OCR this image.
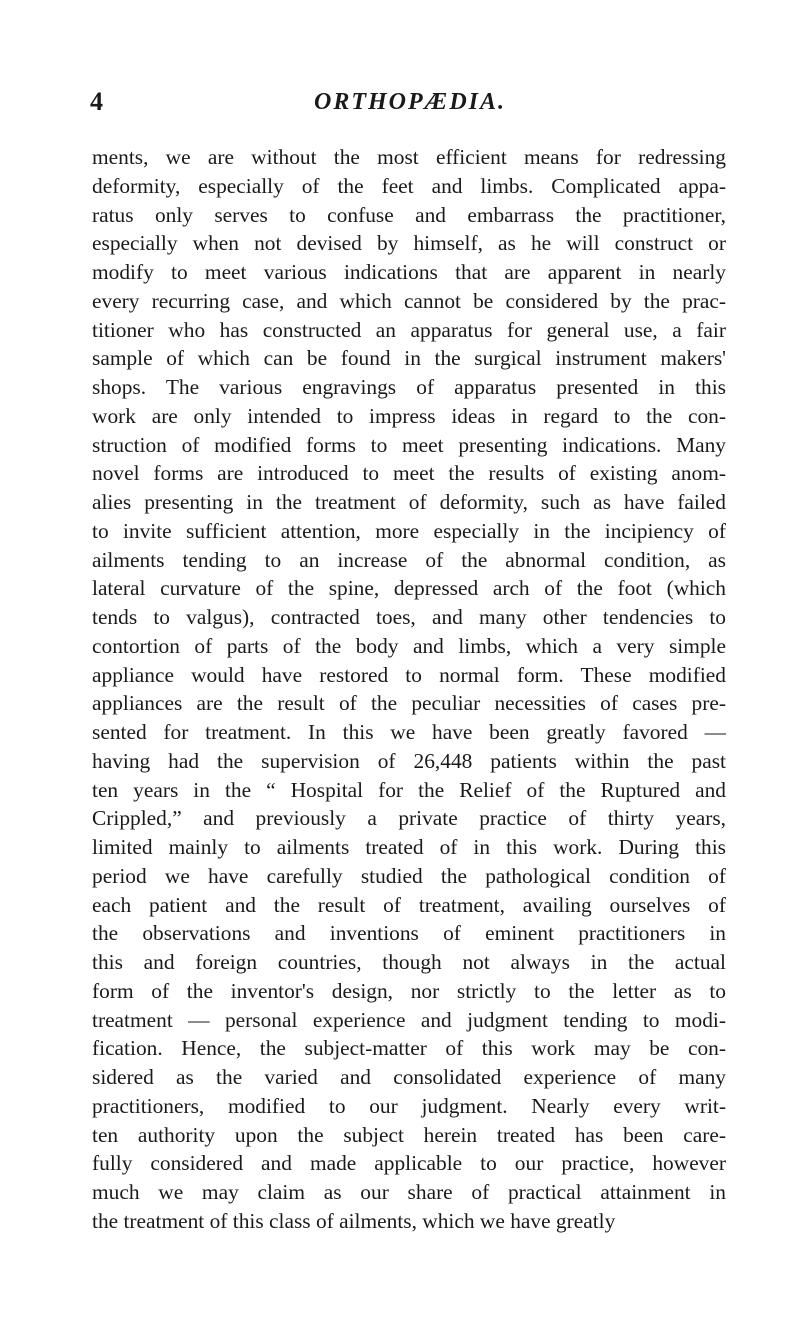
4	ORTHOPÆDIA.

ments, we are without the most efficient means for redressing
deformity, especially of the feet and limbs. Complicated appa-
ratus only serves to confuse and embarrass the practitioner,
especially when not devised by himself, as he will construct or
modify to meet various indications that are apparent in nearly
every recurring case, and which cannot be considered by the prac-
titioner who has constructed an apparatus for general use, a fair
sample of which can be found in the surgical instrument makers'
shops. The various engravings of apparatus presented in this
work are only intended to impress ideas in regard to the con-
struction of modified forms to meet presenting indications. Many
novel forms are introduced to meet the results of existing anom-
alies presenting in the treatment of deformity, such as have failed
to invite sufficient attention, more especially in the incipiency of
ailments tending to an increase of the abnormal condition, as
lateral curvature of the spine, depressed arch of the foot (which
tends to valgus), contracted toes, and many other tendencies to
contortion of parts of the body and limbs, which a very simple
appliance would have restored to normal form. These modified
appliances are the result of the peculiar necessities of cases pre-
sented for treatment. In this we have been greatly favored —
having had the supervision of 26,448 patients within the past
ten years in the “ Hospital for the Relief of the Ruptured and
Crippled,” and previously a private practice of thirty years,
limited mainly to ailments treated of in this work. During this
period we have carefully studied the pathological condition of
each patient and the result of treatment, availing ourselves of
the observations and inventions of eminent practitioners in
this and foreign countries, though not always in the actual
form of the inventor's design, nor strictly to the letter as to
treatment — personal experience and judgment tending to modi-
fication. Hence, the subject-matter of this work may be con-
sidered as the varied and consolidated experience of many
practitioners, modified to our judgment. Nearly every writ-
ten authority upon the subject herein treated has been care-
fully considered and made applicable to our practice, however
much we may claim as our share of practical attainment in
the treatment of this class of ailments, which we have greatly
